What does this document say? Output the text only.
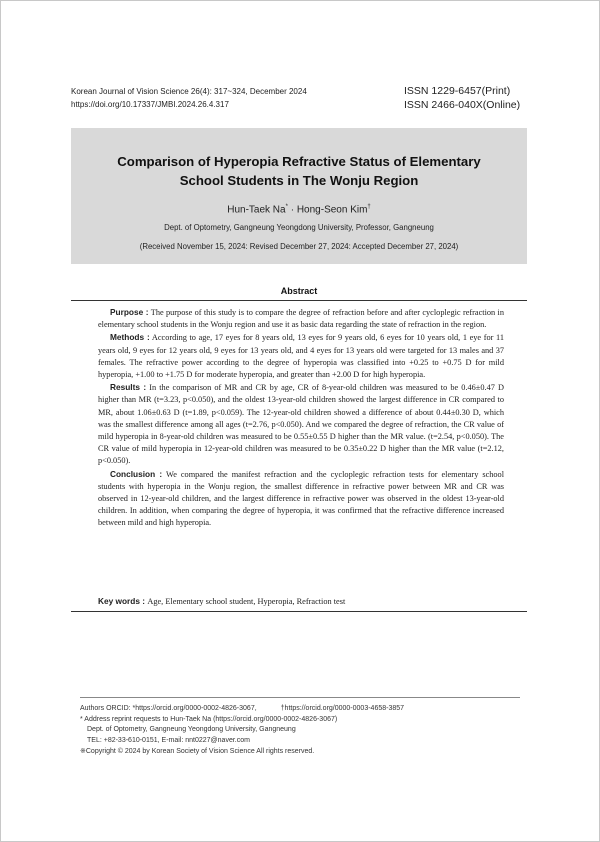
Korean Journal of Vision Science 26(4): 317~324, December 2024
https://doi.org/10.17337/JMBI.2024.26.4.317
ISSN 1229-6457(Print)
ISSN 2466-040X(Online)
Comparison of Hyperopia Refractive Status of Elementary
School Students in The Wonju Region
Hun-Taek Na* · Hong-Seon Kim†
Dept. of Optometry, Gangneung Yeongdong University, Professor, Gangneung
(Received November 15, 2024: Revised December 27, 2024: Accepted December 27, 2024)
Abstract

Purpose : The purpose of this study is to compare the degree of refraction before and after cycloplegic refraction in elementary school students in the Wonju region and use it as basic data regarding the state of refraction in the region.

Methods : According to age, 17 eyes for 8 years old, 13 eyes for 9 years old, 6 eyes for 10 years old, 1 eye for 11 years old, 9 eyes for 12 years old, 9 eyes for 13 years old, and 4 eyes for 13 years old were targeted for 13 males and 37 females. The refractive power according to the degree of hyperopia was classified into +0.25 to +0.75 D for mild hyperopia, +1.00 to +1.75 D for moderate hyperopia, and greater than +2.00 D for high hyperopia.

Results : In the comparison of MR and CR by age, CR of 8-year-old children was measured to be 0.46±0.47 D higher than MR (t=3.23, p<0.050), and the oldest 13-year-old children showed the largest difference in CR compared to MR, about 1.06±0.63 D (t=1.89, p<0.059). The 12-year-old children showed a difference of about 0.44±0.30 D, which was the smallest difference among all ages (t=2.76, p<0.050). And we compared the degree of refraction, the CR value of mild hyperopia in 8-year-old children was measured to be 0.55±0.55 D higher than the MR value. (t=2.54, p<0.050). The CR value of mild hyperopia in 12-year-old children was measured to be 0.35±0.22 D higher than the MR value (t=2.12, p<0.050).

Conclusion : We compared the manifest refraction and the cycloplegic refraction tests for elementary school students with hyperopia in the Wonju region, the smallest difference in refractive power between MR and CR was observed in 12-year-old children, and the largest difference in refractive power was observed in the oldest 13-year-old children. In addition, when comparing the degree of hyperopia, it was confirmed that the refractive difference increased between mild and high hyperopia.

Key words : Age, Elementary school student, Hyperopia, Refraction test
Authors ORCID: *https://orcid.org/0000-0002-4826-3067,	†https://orcid.org/0000-0003-4658-3857
* Address reprint requests to Hun-Taek Na (https://orcid.org/0000-0002-4826-3067)
Dept. of Optometry, Gangneung Yeongdong University, Gangneung
TEL: +82-33-610-0151, E-mail: nnt0227@naver.com
※Copyright © 2024 by Korean Society of Vision Science All rights reserved.
